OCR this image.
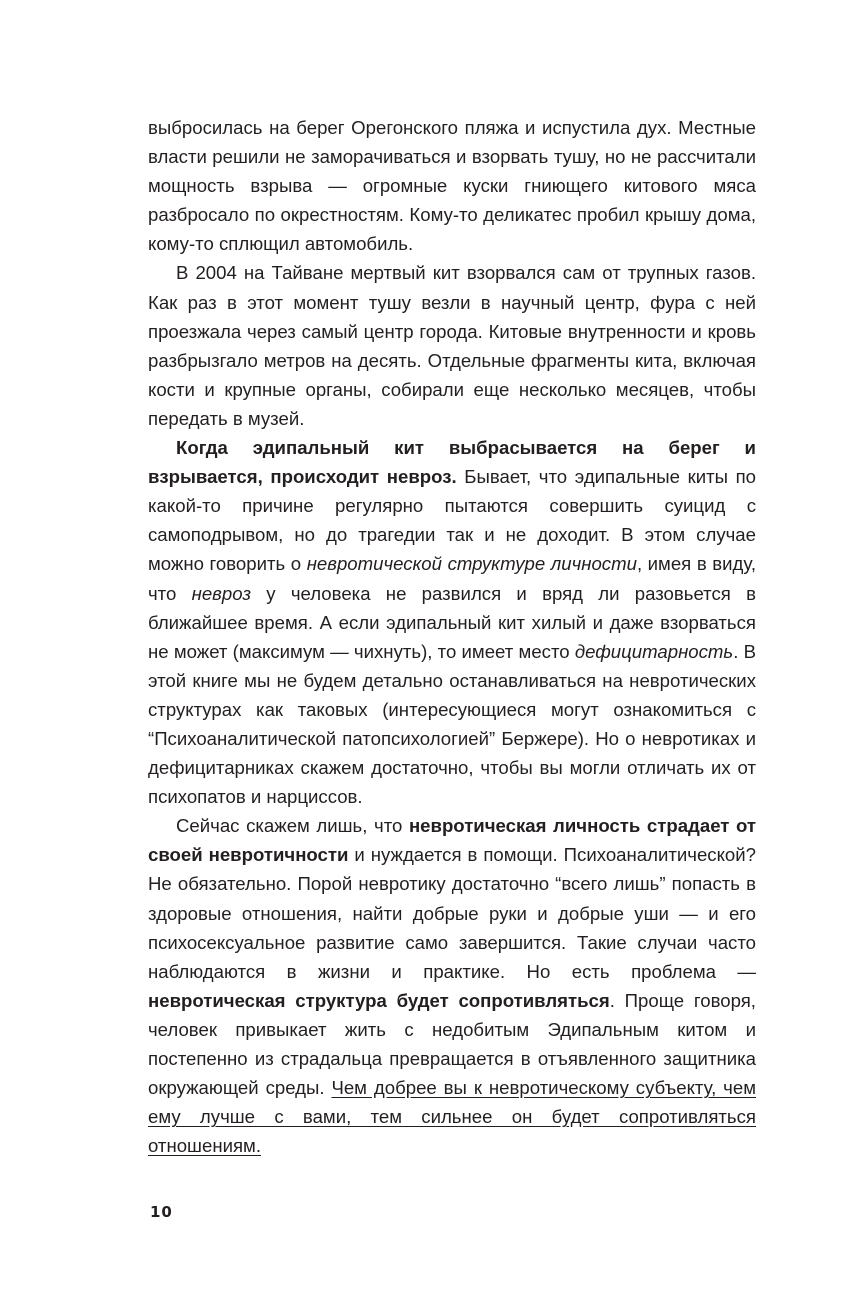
выбросилась на берег Орегонского пляжа и испустила дух. Местные власти решили не заморачиваться и взорвать тушу, но не рассчитали мощность взрыва — огромные куски гниющего китового мяса разбросало по окрестностям. Кому-то деликатес пробил крышу дома, кому-то сплющил автомобиль.

В 2004 на Тайване мертвый кит взорвался сам от трупных газов. Как раз в этот момент тушу везли в научный центр, фура с ней проезжала через самый центр города. Китовые внутренности и кровь разбрызгало метров на десять. Отдельные фрагменты кита, включая кости и крупные органы, собирали еще несколько месяцев, чтобы передать в музей.

Когда эдипальный кит выбрасывается на берег и взрывается, происходит невроз. Бывает, что эдипальные киты по какой-то причине регулярно пытаются совершить суицид с самоподрывом, но до трагедии так и не доходит. В этом случае можно говорить о невротической структуре личности, имея в виду, что невроз у человека не развился и вряд ли разовьется в ближайшее время. А если эдипальный кит хилый и даже взорваться не может (максимум — чихнуть), то имеет место дефицитарность. В этой книге мы не будем детально останавливаться на невротических структурах как таковых (интересующиеся могут ознакомиться с “Психоаналитической патопсихологией” Бержере). Но о невротиках и дефицитарниках скажем достаточно, чтобы вы могли отличать их от психопатов и нарциссов.

Сейчас скажем лишь, что невротическая личность страдает от своей невротичности и нуждается в помощи. Психоаналитической? Не обязательно. Порой невротику достаточно “всего лишь” попасть в здоровые отношения, найти добрые руки и добрые уши — и его психосексуальное развитие само завершится. Такие случаи часто наблюдаются в жизни и практике. Но есть проблема — невротическая структура будет сопротивляться. Проще говоря, человек привыкает жить с недобитым Эдипальным китом и постепенно из страдальца превращается в отъявленного защитника окружающей среды. Чем добрее вы к невротическому субъекту, чем ему лучше с вами, тем сильнее он будет сопротивляться отношениям.

10
